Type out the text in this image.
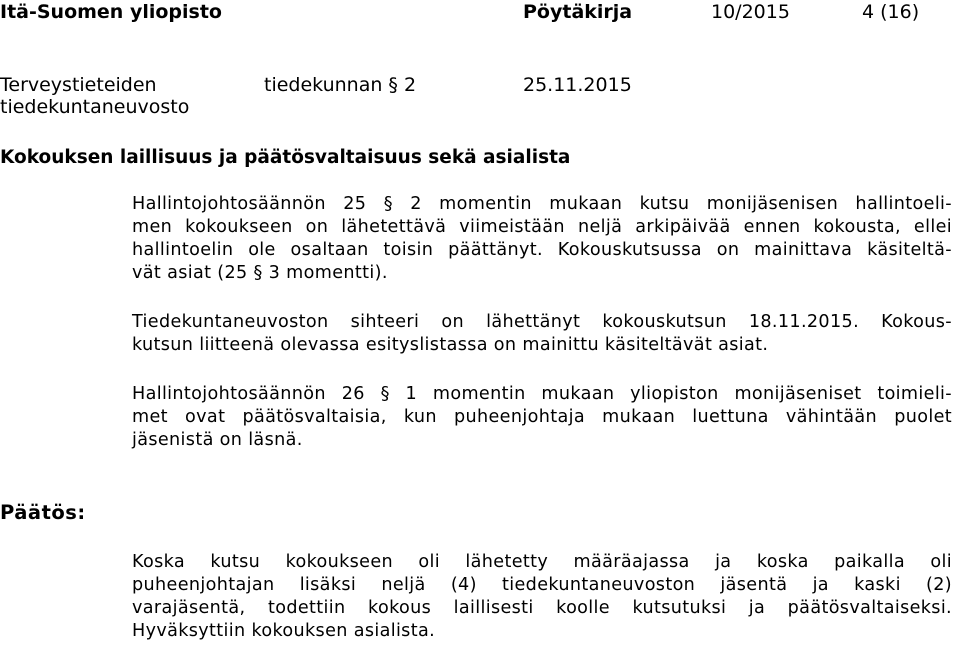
Itä-Suomen yliopisto	Pöytäkirja	10/2015	4 (16)
Terveystieteiden
tiedekuntaneuvosto
tiedekunnan § 2	25.11.2015
Kokouksen laillisuus ja päätösvaltaisuus sekä asialista
Hallintojohtosäännön 25 § 2 momentin mukaan kutsu monijäsenisen hallintoeli-
men kokoukseen on lähetettävä viimeistään neljä arkipäivää ennen kokousta, ellei
hallintoelin ole osaltaan toisin päättänyt. Kokouskutsussa on mainittava käsiteltä-
vät asiat (25 § 3 momentti).
Tiedekuntaneuvoston sihteeri on lähettänyt kokouskutsun 18.11.2015. Kokous-
kutsun liitteenä olevassa esityslistassa on mainittu käsiteltävät asiat.
Hallintojohtosäännön 26 § 1 momentin mukaan yliopiston monijäseniset toimieli-
met ovat päätösvaltaisia, kun puheenjohtaja mukaan luettuna vähintään puolet
jäsenistä on läsnä.
Päätös:
Koska kutsu kokoukseen oli lähetetty määräajassa ja koska paikalla oli
puheenjohtajan lisäksi neljä (4) tiedekuntaneuvoston jäsentä ja kaski (2)
varajäsentä, todettiin kokous laillisesti koolle kutsutuksi ja päätösvaltaiseksi.
Hyväksyttiin kokouksen asialista.
